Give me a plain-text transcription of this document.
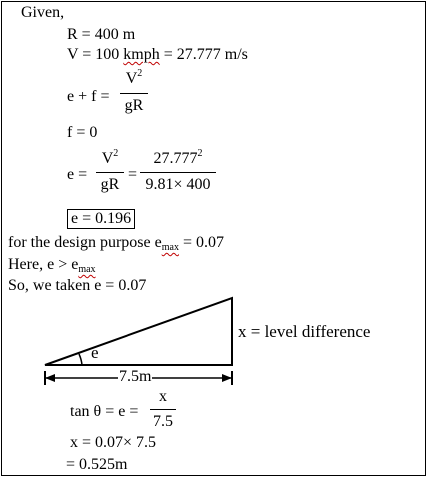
Given,
R = 400 m
V = 100 kmph = 27.777 m/s
e + f =
$V^2$
gR
f = 0
e =
$V^2$
gR
=
$27.777^2$
9.81× 400
e = 0.196
for the design purpose $e_{max} = 0.07$
Here, $e > e_{max}$
So, we taken e = 0.07
e
x = level difference
7.5m
tan θ = e =
x
7.5
x = 0.07× 7.5
= 0.525m
